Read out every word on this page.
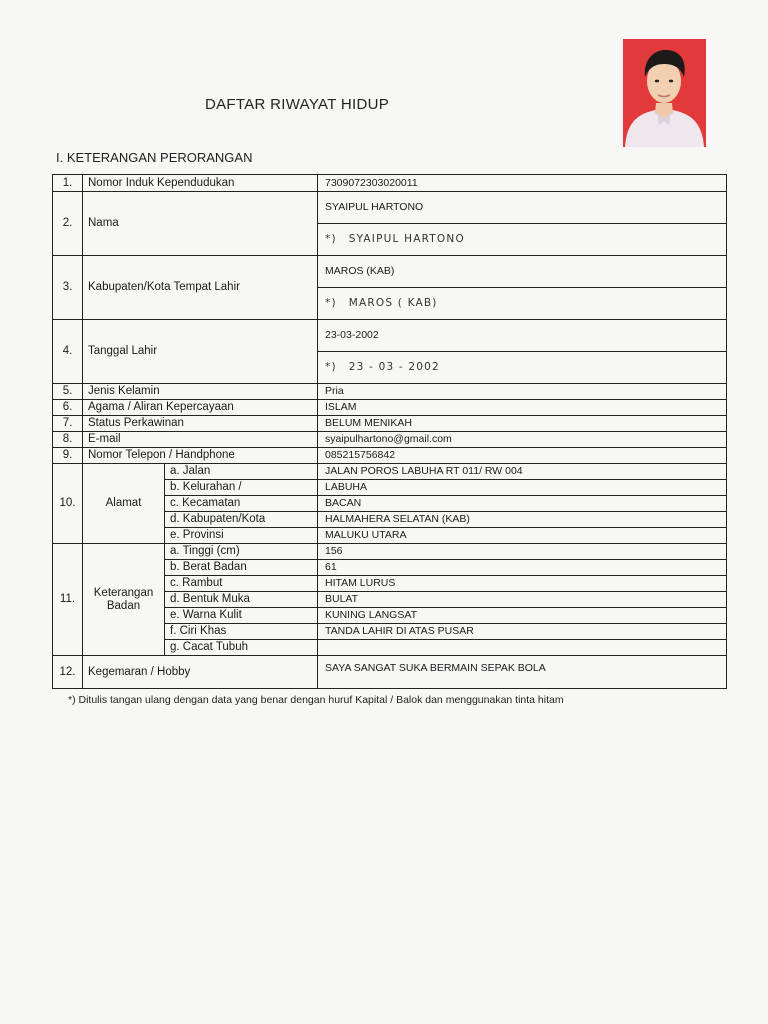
DAFTAR RIWAYAT HIDUP
I. KETERANGAN PERORANGAN
1.	Nomor Induk Kependudukan		7309072303020011
2.	Nama		SYAIPUL HARTONO
			*) SYAIPUL HARTONO
3.	Kabupaten/Kota Tempat Lahir		MAROS (KAB)
			*) MAROS ( KAB)
4.	Tanggal Lahir		23-03-2002
			*) 23 - 03 - 2002
5.	Jenis Kelamin		Pria
6.	Agama / Aliran Kepercayaan		ISLAM
7.	Status Perkawinan		BELUM MENIKAH
8.	E-mail		syaipulhartono@gmail.com
9.	Nomor Telepon / Handphone		085215756842
10.	Alamat	a. Jalan	JALAN POROS LABUHA RT 011/ RW 004
		b. Kelurahan /	LABUHA
		c. Kecamatan	BACAN
		d. Kabupaten/Kota	HALMAHERA SELATAN (KAB)
		e. Provinsi	MALUKU UTARA
11.	Keterangan Badan	a. Tinggi (cm)	156
		b. Berat Badan	61
		c. Rambut	HITAM LURUS
		d. Bentuk Muka	BULAT
		e. Warna Kulit	KUNING LANGSAT
		f. Ciri Khas	TANDA LAHIR DI ATAS PUSAR
		g. Cacat Tubuh	
12.	Kegemaran / Hobby		SAYA SANGAT SUKA BERMAIN SEPAK BOLA
*) Ditulis tangan ulang dengan data yang benar dengan huruf Kapital / Balok dan menggunakan tinta hitam
